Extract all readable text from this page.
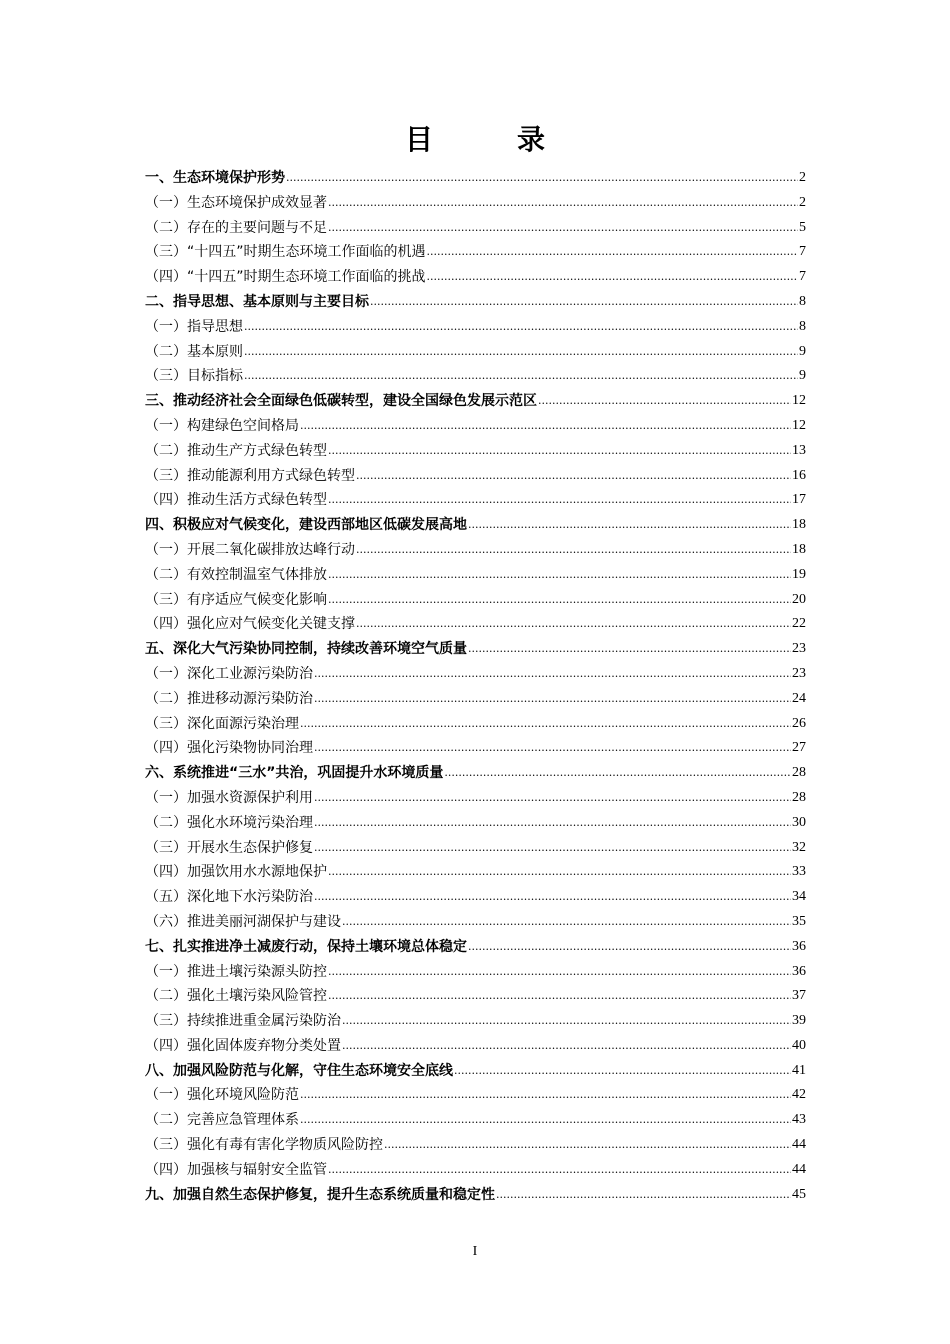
目　录
一、生态环境保护形势 .....	2
（一）生态环境保护成效显著 .....	2
（二）存在的主要问题与不足 .....	5
（三）“十四五”时期生态环境工作面临的机遇 .....	7
（四）“十四五”时期生态环境工作面临的挑战 .....	7
二、指导思想、基本原则与主要目标 .....	8
（一）指导思想 .....	8
（二）基本原则 .....	9
（三）目标指标 .....	9
三、推动经济社会全面绿色低碳转型，建设全国绿色发展示范区 .....	12
（一）构建绿色空间格局 .....	12
（二）推动生产方式绿色转型 .....	13
（三）推动能源利用方式绿色转型 .....	16
（四）推动生活方式绿色转型 .....	17
四、积极应对气候变化，建设西部地区低碳发展高地 .....	18
（一）开展二氧化碳排放达峰行动 .....	18
（二）有效控制温室气体排放 .....	19
（三）有序适应气候变化影响 .....	20
（四）强化应对气候变化关键支撑 .....	22
五、深化大气污染协同控制，持续改善环境空气质量 .....	23
（一）深化工业源污染防治 .....	23
（二）推进移动源污染防治 .....	24
（三）深化面源污染治理 .....	26
（四）强化污染物协同治理 .....	27
六、系统推进“三水”共治，巩固提升水环境质量 .....	28
（一）加强水资源保护利用 .....	28
（二）强化水环境污染治理 .....	30
（三）开展水生态保护修复 .....	32
（四）加强饮用水水源地保护 .....	33
（五）深化地下水污染防治 .....	34
（六）推进美丽河湖保护与建设 .....	35
七、扎实推进净土减废行动，保持土壤环境总体稳定 .....	36
（一）推进土壤污染源头防控 .....	36
（二）强化土壤污染风险管控 .....	37
（三）持续推进重金属污染防治 .....	39
（四）强化固体废弃物分类处置 .....	40
八、加强风险防范与化解，守住生态环境安全底线 .....	41
（一）强化环境风险防范 .....	42
（二）完善应急管理体系 .....	43
（三）强化有毒有害化学物质风险防控 .....	44
（四）加强核与辐射安全监管 .....	44
九、加强自然生态保护修复，提升生态系统质量和稳定性 .....	45
I
